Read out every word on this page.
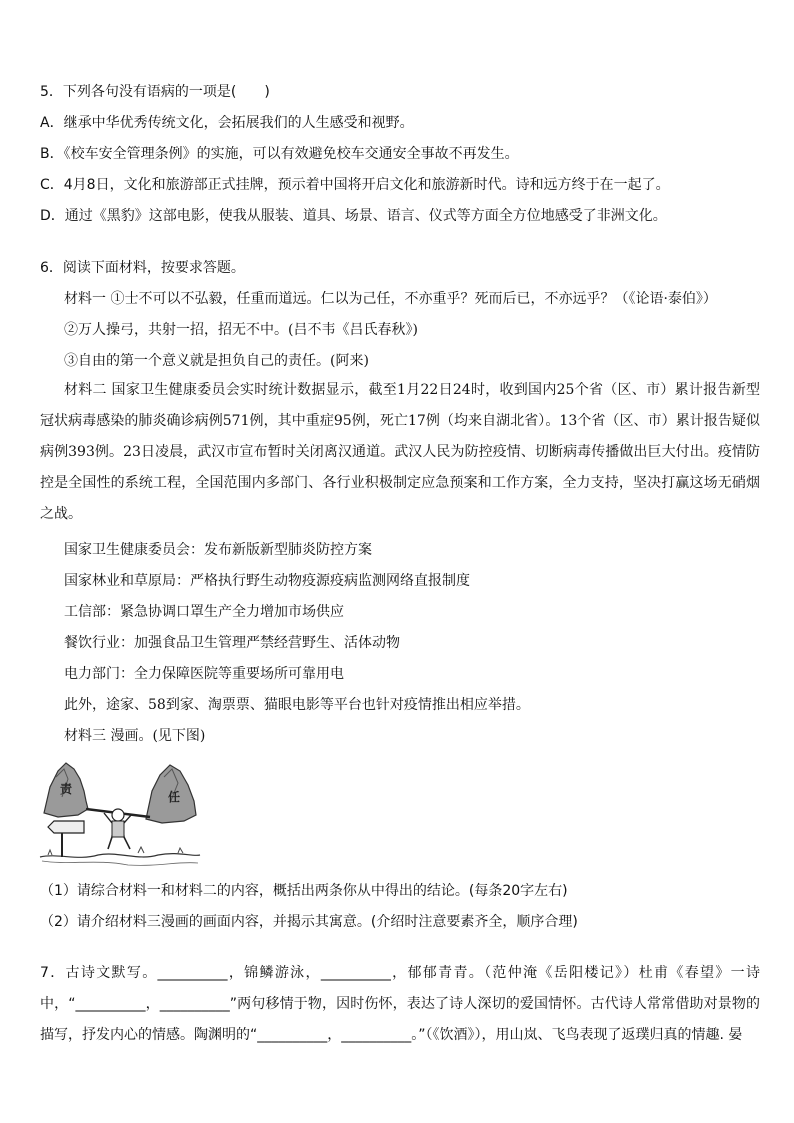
5．下列各句没有语病的一项是(　　)
A．继承中华优秀传统文化，会拓展我们的人生感受和视野。
B．《校车安全管理条例》的实施，可以有效避免校车交通安全事故不再发生。
C．4月8日，文化和旅游部正式挂牌，预示着中国将开启文化和旅游新时代。诗和远方终于在一起了。
D．通过《黑豹》这部电影，使我从服装、道具、场景、语言、仪式等方面全方位地感受了非洲文化。
6．阅读下面材料，按要求答题。
材料一 ①士不可以不弘毅，任重而道远。仁以为己任，不亦重乎？死而后已，不亦远乎？（《论语·泰伯》）
②万人操弓，共射一招，招无不中。(吕不韦《吕氏春秋》)
③自由的第一个意义就是担负自己的责任。(阿来)
材料二 国家卫生健康委员会实时统计数据显示，截至1月22日24时，收到国内25个省（区、市）累计报告新型冠状病毒感染的肺炎确诊病例571例，其中重症95例，死亡17例（均来自湖北省）。13个省（区、市）累计报告疑似病例393例。23日凌晨，武汉市宣布暂时关闭离汉通道。武汉人民为防控疫情、切断病毒传播做出巨大付出。疫情防控是全国性的系统工程，全国范围内多部门、各行业积极制定应急预案和工作方案，全力支持，坚决打赢这场无硝烟之战。
国家卫生健康委员会：发布新版新型肺炎防控方案
国家林业和草原局：严格执行野生动物疫源疫病监测网络直报制度
工信部：紧急协调口罩生产全力增加市场供应
餐饮行业：加强食品卫生管理严禁经营野生、活体动物
电力部门：全力保障医院等重要场所可靠用电
此外，途家、58到家、淘票票、猫眼电影等平台也针对疫情推出相应举措。
材料三 漫画。(见下图)
责
任
（1）请综合材料一和材料二的内容，概括出两条你从中得出的结论。(每条20字左右)
（2）请介绍材料三漫画的画面内容，并揭示其寓意。(介绍时注意要素齐全，顺序合理)
7．古诗文默写。__________，锦鳞游泳，__________，郁郁青青。（范仲淹《岳阳楼记》）杜甫《春望》一诗中，“__________，__________”两句移情于物，因时伤怀，表达了诗人深切的爱国情怀。古代诗人常常借助对景物的描写，抒发内心的情感。陶渊明的“__________，__________。”（《饮酒》），用山岚、飞鸟表现了返璞归真的情趣. 晏
